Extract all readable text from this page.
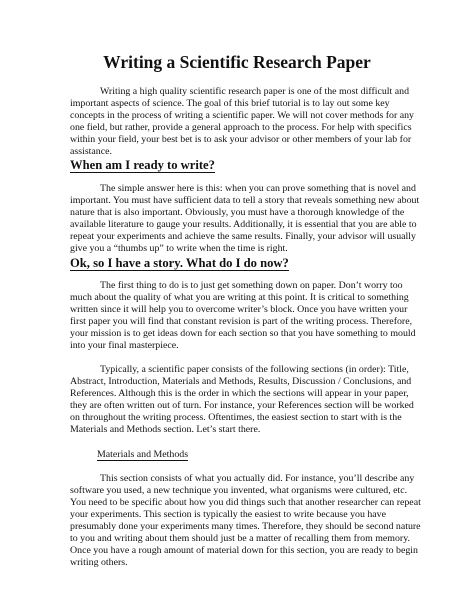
Writing a Scientific Research Paper
Writing a high quality scientific research paper is one of the most difficult and
important aspects of science. The goal of this brief tutorial is to lay out some key
concepts in the process of writing a scientific paper. We will not cover methods for any
one field, but rather, provide a general approach to the process. For help with specifics
within your field, your best bet is to ask your advisor or other members of your lab for
assistance.
When am I ready to write?
The simple answer here is this: when you can prove something that is novel and
important. You must have sufficient data to tell a story that reveals something new about
nature that is also important. Obviously, you must have a thorough knowledge of the
available literature to gauge your results. Additionally, it is essential that you are able to
repeat your experiments and achieve the same results. Finally, your advisor will usually
give you a “thumbs up” to write when the time is right.
Ok, so I have a story. What do I do now?
The first thing to do is to just get something down on paper. Don’t worry too
much about the quality of what you are writing at this point. It is critical to something
written since it will help you to overcome writer’s block. Once you have written your
first paper you will find that constant revision is part of the writing process. Therefore,
your mission is to get ideas down for each section so that you have something to mould
into your final masterpiece.
Typically, a scientific paper consists of the following sections (in order): Title,
Abstract, Introduction, Materials and Methods, Results, Discussion / Conclusions, and
References. Although this is the order in which the sections will appear in your paper,
they are often written out of turn. For instance, your References section will be worked
on throughout the writing process. Oftentimes, the easiest section to start with is the
Materials and Methods section. Let’s start there.
Materials and Methods
This section consists of what you actually did. For instance, you’ll describe any
software you used, a new technique you invented, what organisms were cultured, etc.
You need to be specific about how you did things such that another researcher can repeat
your experiments. This section is typically the easiest to write because you have
presumably done your experiments many times. Therefore, they should be second nature
to you and writing about them should just be a matter of recalling them from memory.
Once you have a rough amount of material down for this section, you are ready to begin
writing others.
